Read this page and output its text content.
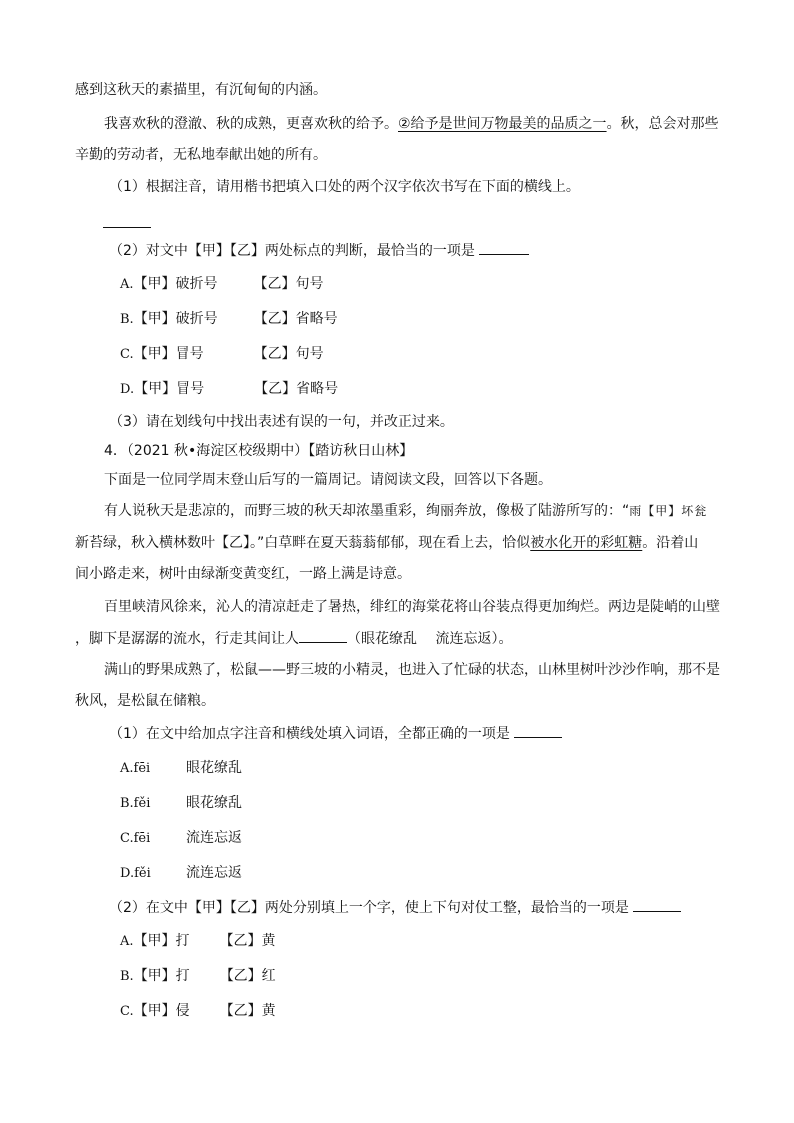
感到这秋天的素描里，有沉甸甸的内涵。
我喜欢秋的澄澈、秋的成熟，更喜欢秋的给予。②给予是世间万物最美的品质之一。秋，总会对那些
辛勤的劳动者，无私地奉献出她的所有。
（1）根据注音，请用楷书把填入口处的两个汉字依次书写在下面的横线上。
（2）对文中【甲】【乙】两处标点的判断，最恰当的一项是
A.【甲】破折号	【乙】句号
B.【甲】破折号	【乙】省略号
C.【甲】冒号	【乙】句号
D.【甲】冒号	【乙】省略号
（3）请在划线句中找出表述有误的一句，并改正过来。
4．（2021 秋•海淀区校级期中）【踏访秋日山林】
下面是一位同学周末登山后写的一篇周记。请阅读文段，回答以下各题。
有人说秋天是悲凉的，而野三坡的秋天却浓墨重彩，绚丽奔放，像极了陆游所写的：“雨【甲】坏瓮
新苔绿，秋入横林数叶【乙】。”白草畔在夏天蓊蓊郁郁，现在看上去，恰似被水化开的彩虹糖。沿着山
间小路走来，树叶由绿渐变黄变红，一路上满是诗意。
百里峡清风徐来，沁人的清凉赶走了暑热，绯红的海棠花将山谷装点得更加绚烂。两边是陡峭的山壁
，脚下是潺潺的流水，行走其间让人	（眼花缭乱　 流连忘返）。
满山的野果成熟了，松鼠——野三坡的小精灵，也进入了忙碌的状态，山林里树叶沙沙作响，那不是
秋风，是松鼠在储粮。
（1）在文中给加点字注音和横线处填入词语，全都正确的一项是
A.fēi	眼花缭乱
B.fěi	眼花缭乱
C.fēi	流连忘返
D.fěi	流连忘返
（2）在文中【甲】【乙】两处分别填上一个字，使上下句对仗工整，最恰当的一项是
A.【甲】打 【乙】黄
B.【甲】打 【乙】红
C.【甲】侵 【乙】黄
